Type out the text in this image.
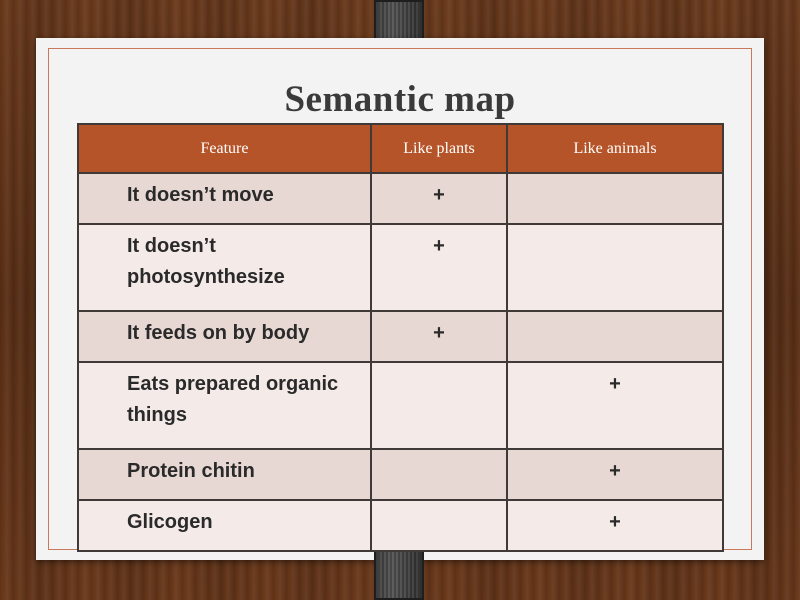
Semantic map
Feature	Like plants	Like animals
It doesn’t move	+	
It doesn’t photosynthesize	+	
It feeds on by body	+	
Eats prepared organic things		+
Protein chitin		+
Glicogen		+
